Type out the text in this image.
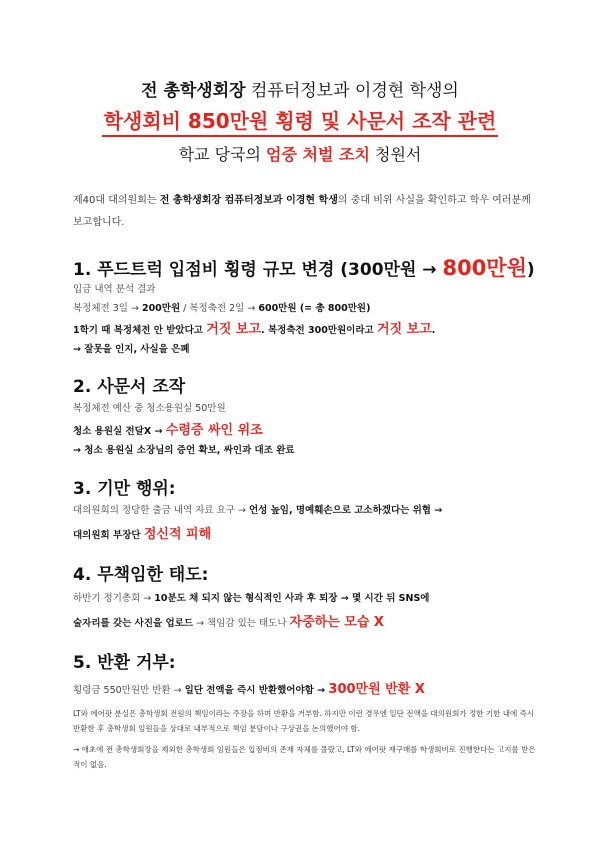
전 총학생회장 컴퓨터정보과 이경현 학생의
학생회비 850만원 횡령 및 사문서 조작 관련
학교 당국의 엄중 처벌 조치 청원서
제40대 대의원회는 전 총학생회장 컴퓨터정보과 이경현 학생의 중대 비위 사실을 확인하고 학우 여러분께 보고합니다.
1. 푸드트럭 입점비 횡령 규모 변경 (300만원 → 800만원)
입금 내역 분석 결과
복정체전 3일 → 200만원 / 복정축전 2일 → 600만원 (= 총 800만원)
1학기 때 복정체전 안 받았다고 거짓 보고. 복정축전 300만원이라고 거짓 보고.
→ 잘못을 인지, 사실을 은폐
2. 사문서 조작
복정체전 예산 중 청소용원실 50만원
청소 용원실 전달X → 수령증 싸인 위조
→ 청소 용원실 소장님의 증언 확보, 싸인과 대조 완료
3. 기만 행위:
대의원회의 정당한 출금 내역 자료 요구 → 언성 높임, 명예훼손으로 고소하겠다는 위협 →
대의원회 부장단 정신적 피해
4. 무책임한 태도:
하반기 정기총회 → 10분도 채 되지 않는 형식적인 사과 후 퇴장 → 몇 시간 뒤 SNS에
술자리를 갖는 사진을 업로드 → 책임감 있는 태도나 자중하는 모습 X
5. 반환 거부:
횡령금 550만원만 반환 → 일단 전액을 즉시 반환했어야함 → 300만원 반환 X
LT와 에어팟 분실은 총학생회 전원의 책임이라는 주장을 하며 반환을 거부함. 하지만 이런 경우엔 일단 전액을 대의원회가 정한 기한 내에 즉시 반환한 후 총학생회 임원들을 상대로 내부적으로 책임 분담이나 구상권을 논의했어야 함.
→ 애초에 전 총학생회장을 제외한 총학생회 임원들은 입점비의 존재 자체를 몰랐고, LT와 에어팟 재구매를 학생회비로 진행한다는 고지를 받은 적이 없음.
